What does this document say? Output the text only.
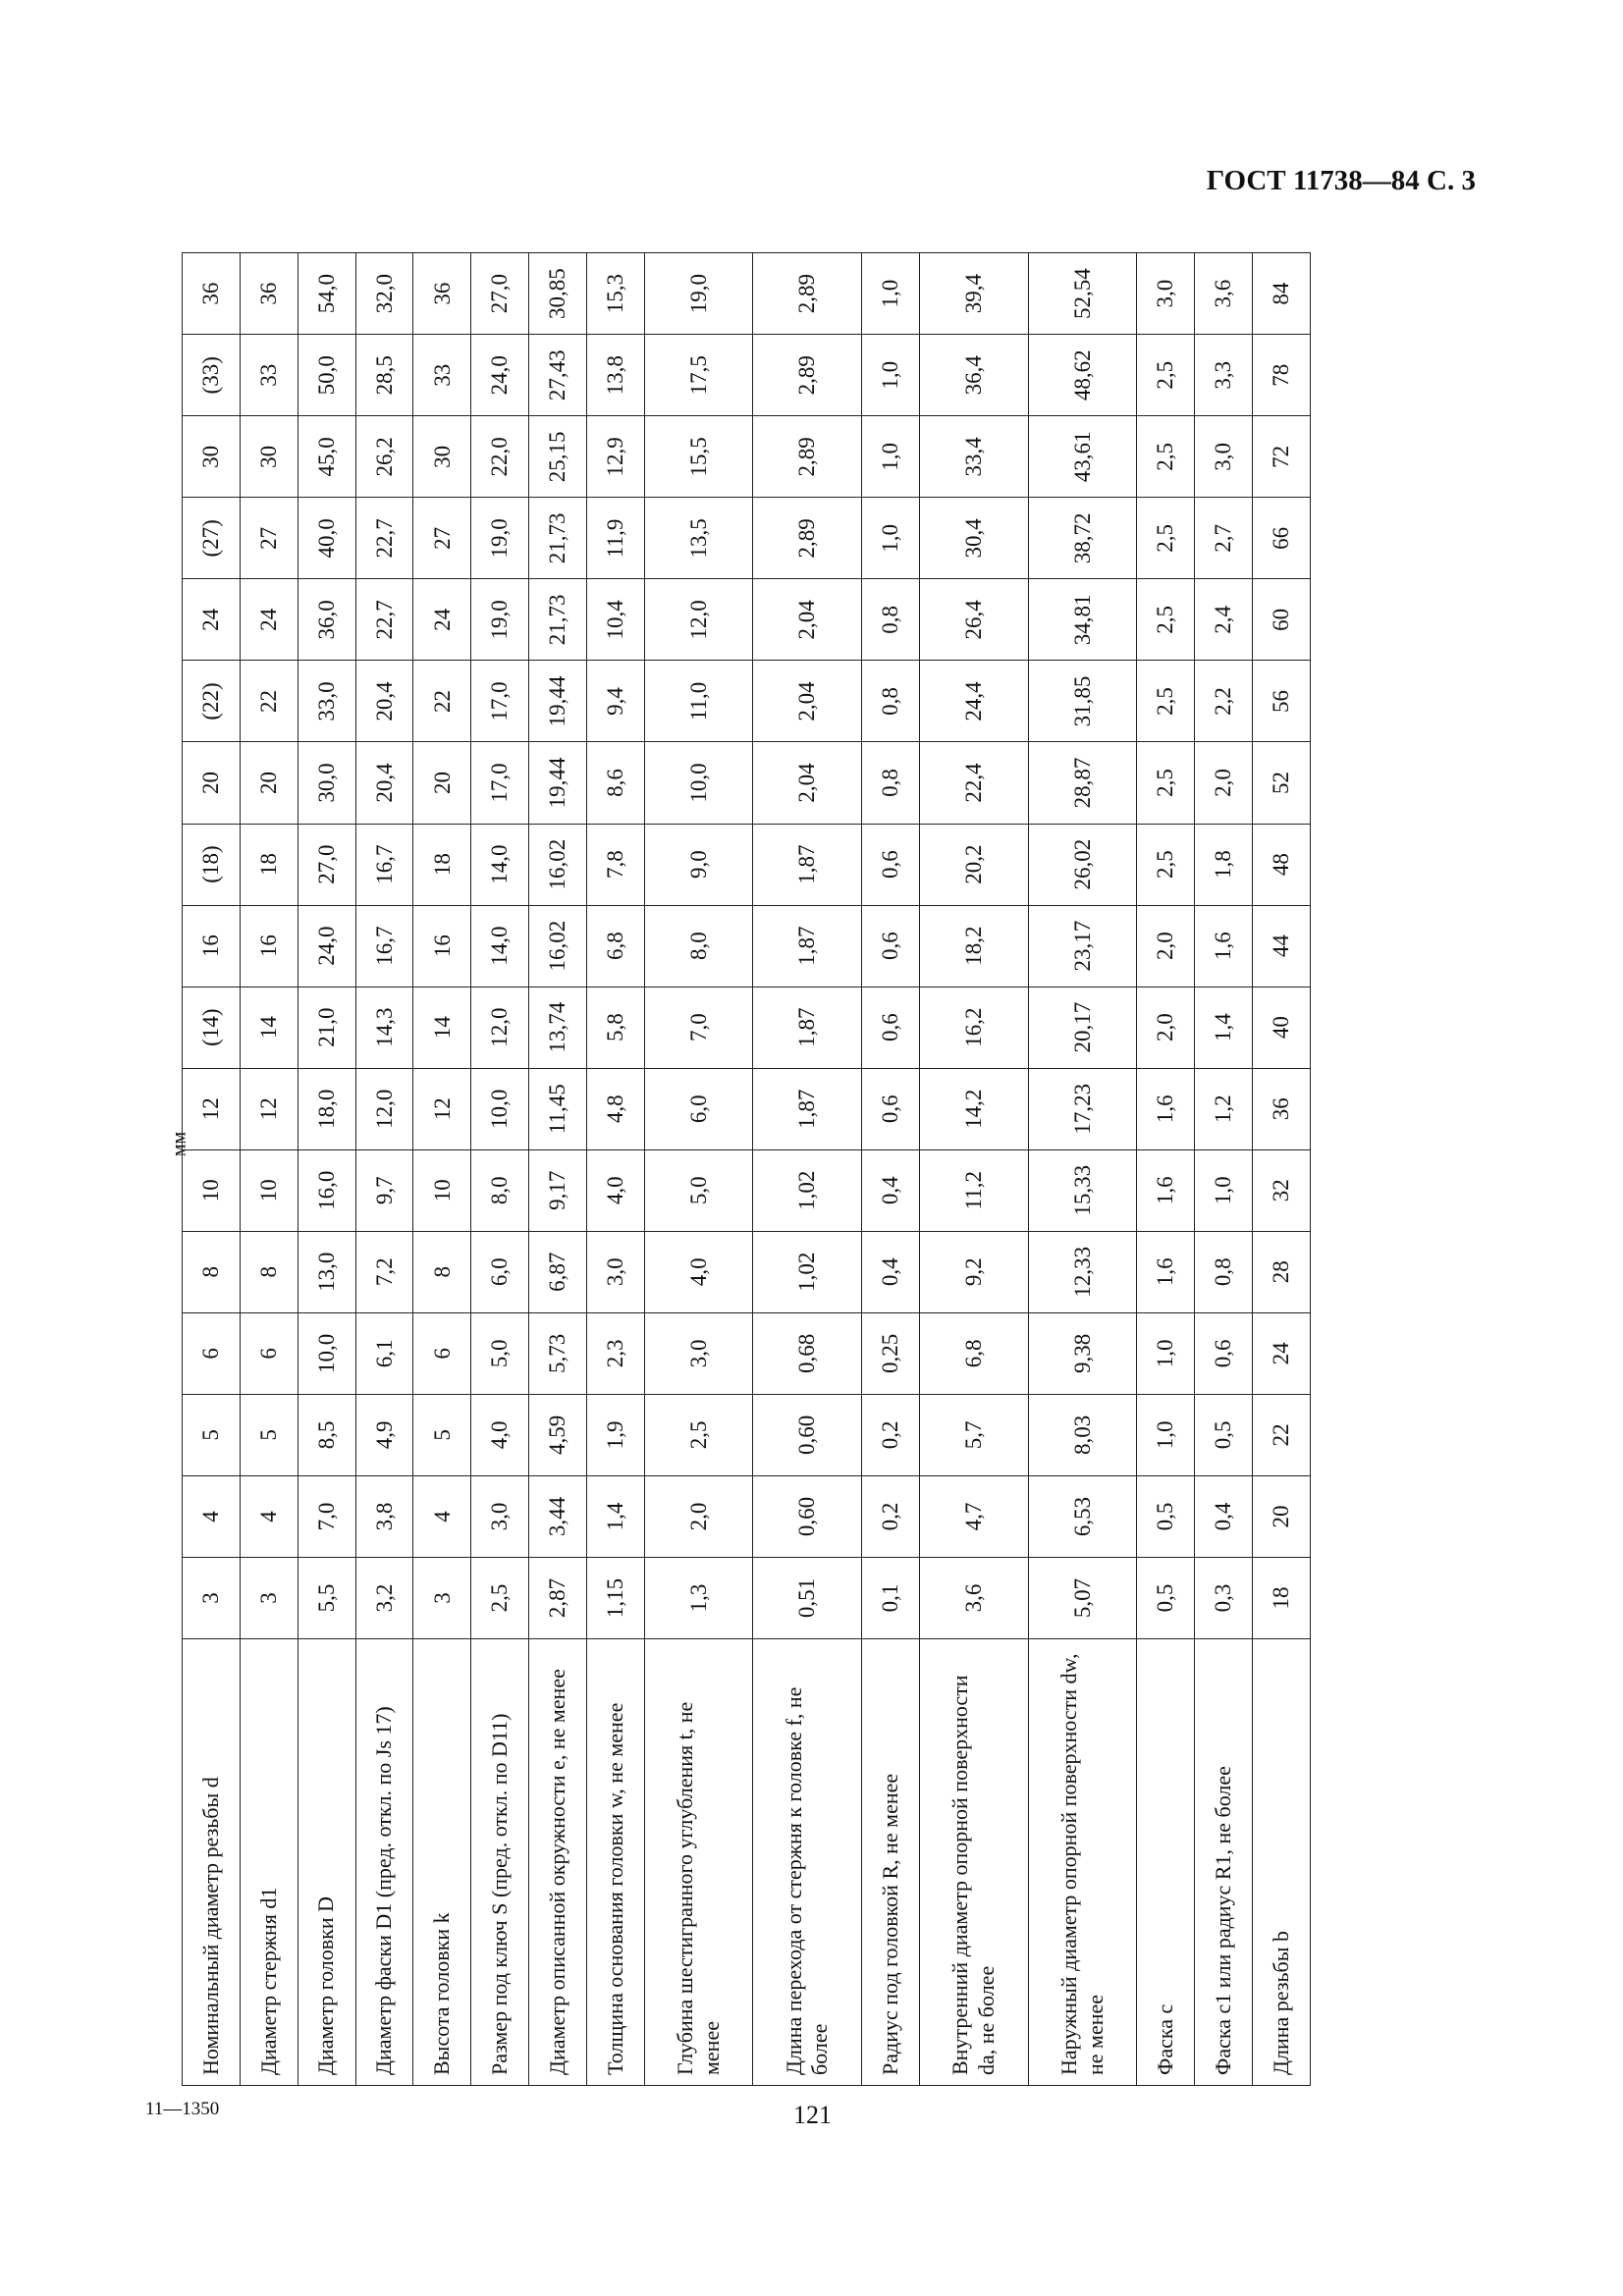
ГОСТ 11738—84 С. 3
мм
Номинальный диаметр резьбы d	3	4	5	6	8	10	12	(14)	16	(18)	20	(22)	24	(27)	30	(33)	36
Диаметр стержня d1	3	4	5	6	8	10	12	14	16	18	20	22	24	27	30	33	36
Диаметр головки D	5,5	7,0	8,5	10,0	13,0	16,0	18,0	21,0	24,0	27,0	30,0	33,0	36,0	40,0	45,0	50,0	54,0
Диаметр фаски D1 (пред. откл. по Js 17)	3,2	3,8	4,9	6,1	7,2	9,7	12,0	14,3	16,7	16,7	20,4	20,4	22,7	22,7	26,2	28,5	32,0
Высота головки k	3	4	5	6	8	10	12	14	16	18	20	22	24	27	30	33	36
Размер под ключ S (пред. откл. по D11)	2,5	3,0	4,0	5,0	6,0	8,0	10,0	12,0	14,0	14,0	17,0	17,0	19,0	19,0	22,0	24,0	27,0
Диаметр описанной окружности e, не менее	2,87	3,44	4,59	5,73	6,87	9,17	11,45	13,74	16,02	16,02	19,44	19,44	21,73	21,73	25,15	27,43	30,85
Толщина основания головки w, не менее	1,15	1,4	1,9	2,3	3,0	4,0	4,8	5,8	6,8	7,8	8,6	9,4	10,4	11,9	12,9	13,8	15,3
Глубина шестигранного углубления t, не менее	1,3	2,0	2,5	3,0	4,0	5,0	6,0	7,0	8,0	9,0	10,0	11,0	12,0	13,5	15,5	17,5	19,0
Длина перехода от стержня к головке f, не более	0,51	0,60	0,60	0,68	1,02	1,02	1,87	1,87	1,87	1,87	2,04	2,04	2,04	2,89	2,89	2,89	2,89
Радиус под головкой R, не менее	0,1	0,2	0,2	0,25	0,4	0,4	0,6	0,6	0,6	0,6	0,8	0,8	0,8	1,0	1,0	1,0	1,0
Внутренний диаметр опорной поверхности da, не более	3,6	4,7	5,7	6,8	9,2	11,2	14,2	16,2	18,2	20,2	22,4	24,4	26,4	30,4	33,4	36,4	39,4
Наружный диаметр опорной поверхности dw, не менее	5,07	6,53	8,03	9,38	12,33	15,33	17,23	20,17	23,17	26,02	28,87	31,85	34,81	38,72	43,61	48,62	52,54
Фаска c	0,5	0,5	1,0	1,0	1,6	1,6	1,6	2,0	2,0	2,5	2,5	2,5	2,5	2,5	2,5	2,5	3,0
Фаска c1 или радиус R1, не более	0,3	0,4	0,5	0,6	0,8	1,0	1,2	1,4	1,6	1,8	2,0	2,2	2,4	2,7	3,0	3,3	3,6
Длина резьбы b	18	20	22	24	28	32	36	40	44	48	52	56	60	66	72	78	84
11—1350	121
